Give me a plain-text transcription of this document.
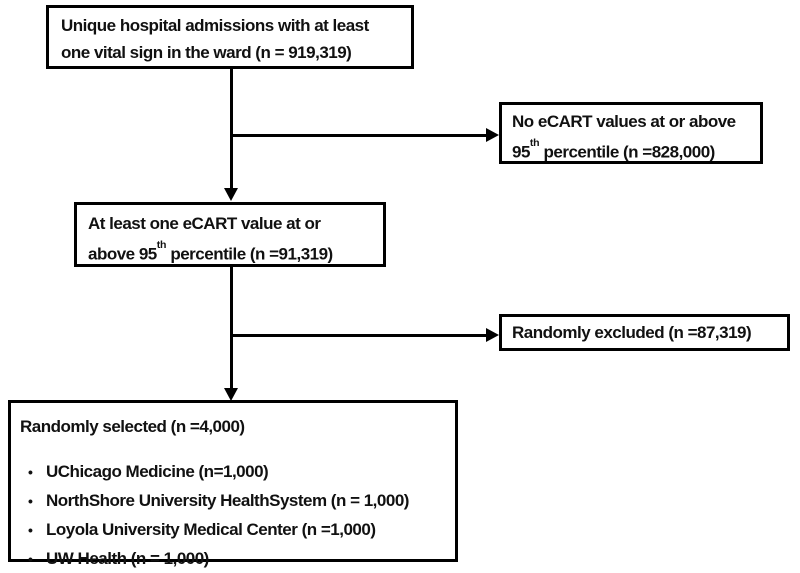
Unique hospital admissions with at least
one vital sign in the ward (n = 919,319)
No eCART values at or above
95th percentile (n =828,000)
At least one eCART value at or
above 95th percentile (n =91,319)
Randomly excluded (n =87,319)
Randomly selected (n =4,000)
• UChicago Medicine (n=1,000)
• NorthShore University HealthSystem (n = 1,000)
• Loyola University Medical Center (n =1,000)
• UW Health (n = 1,000)
